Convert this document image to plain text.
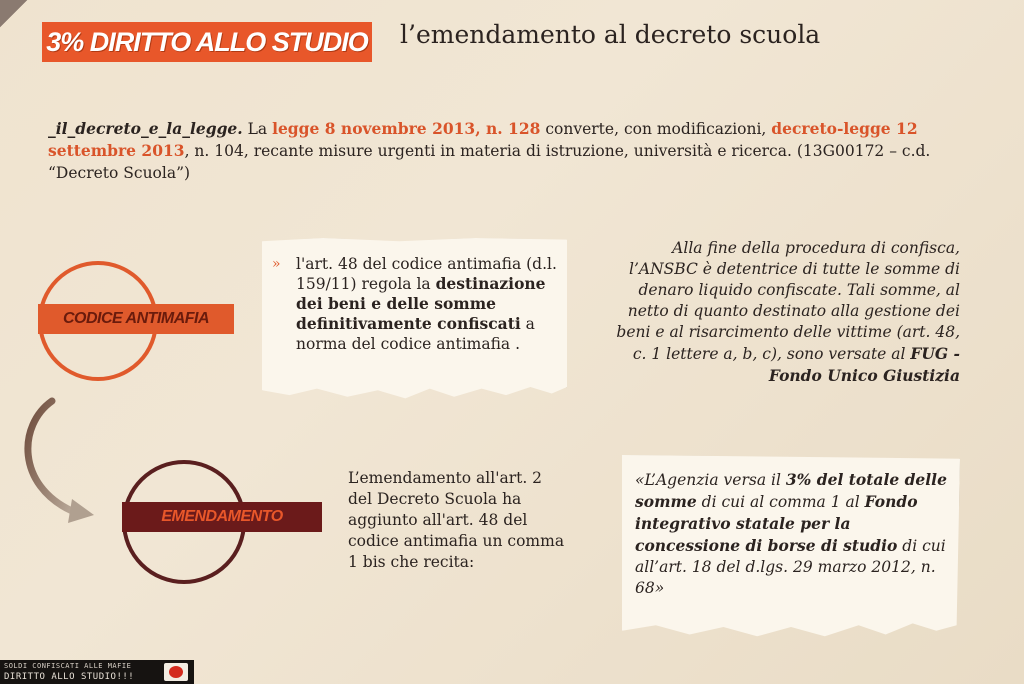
3% DIRITTO ALLO STUDIO l’emendamento al decreto scuola

_il_decreto_e_la_legge. La legge 8 novembre 2013, n. 128 converte, con modificazioni, decreto-legge 12 settembre 2013, n. 104, recante misure urgenti in materia di istruzione, università e ricerca. (13G00172 – c.d. “Decreto Scuola”)

CODICE ANTIMAFIA
EMENDAMENTO
» l'art. 48 del codice antimafia (d.l. 159/11) regola la destinazione dei beni e delle somme definitivamente confiscati a norma del codice antimafia .

Alla fine della procedura di confisca, l’ANSBC è detentrice di tutte le somme di denaro liquido confiscate. Tali somme, al netto di quanto destinato alla gestione dei beni e al risarcimento delle vittime (art. 48, c. 1 lettere a, b, c), sono versate al FUG - Fondo Unico Giustizia

L’emendamento all'art. 2 del Decreto Scuola ha aggiunto all'art. 48 del codice antimafia un comma 1 bis che recita:

«L’Agenzia versa il 3% del totale delle somme di cui al comma 1 al Fondo integrativo statale per la concessione di borse di studio di cui all’art. 18 del d.lgs. 29 marzo 2012, n. 68»

SOLDI CONFISCATI ALLE MAFIE
DIRITTO ALLO STUDIO!!!
